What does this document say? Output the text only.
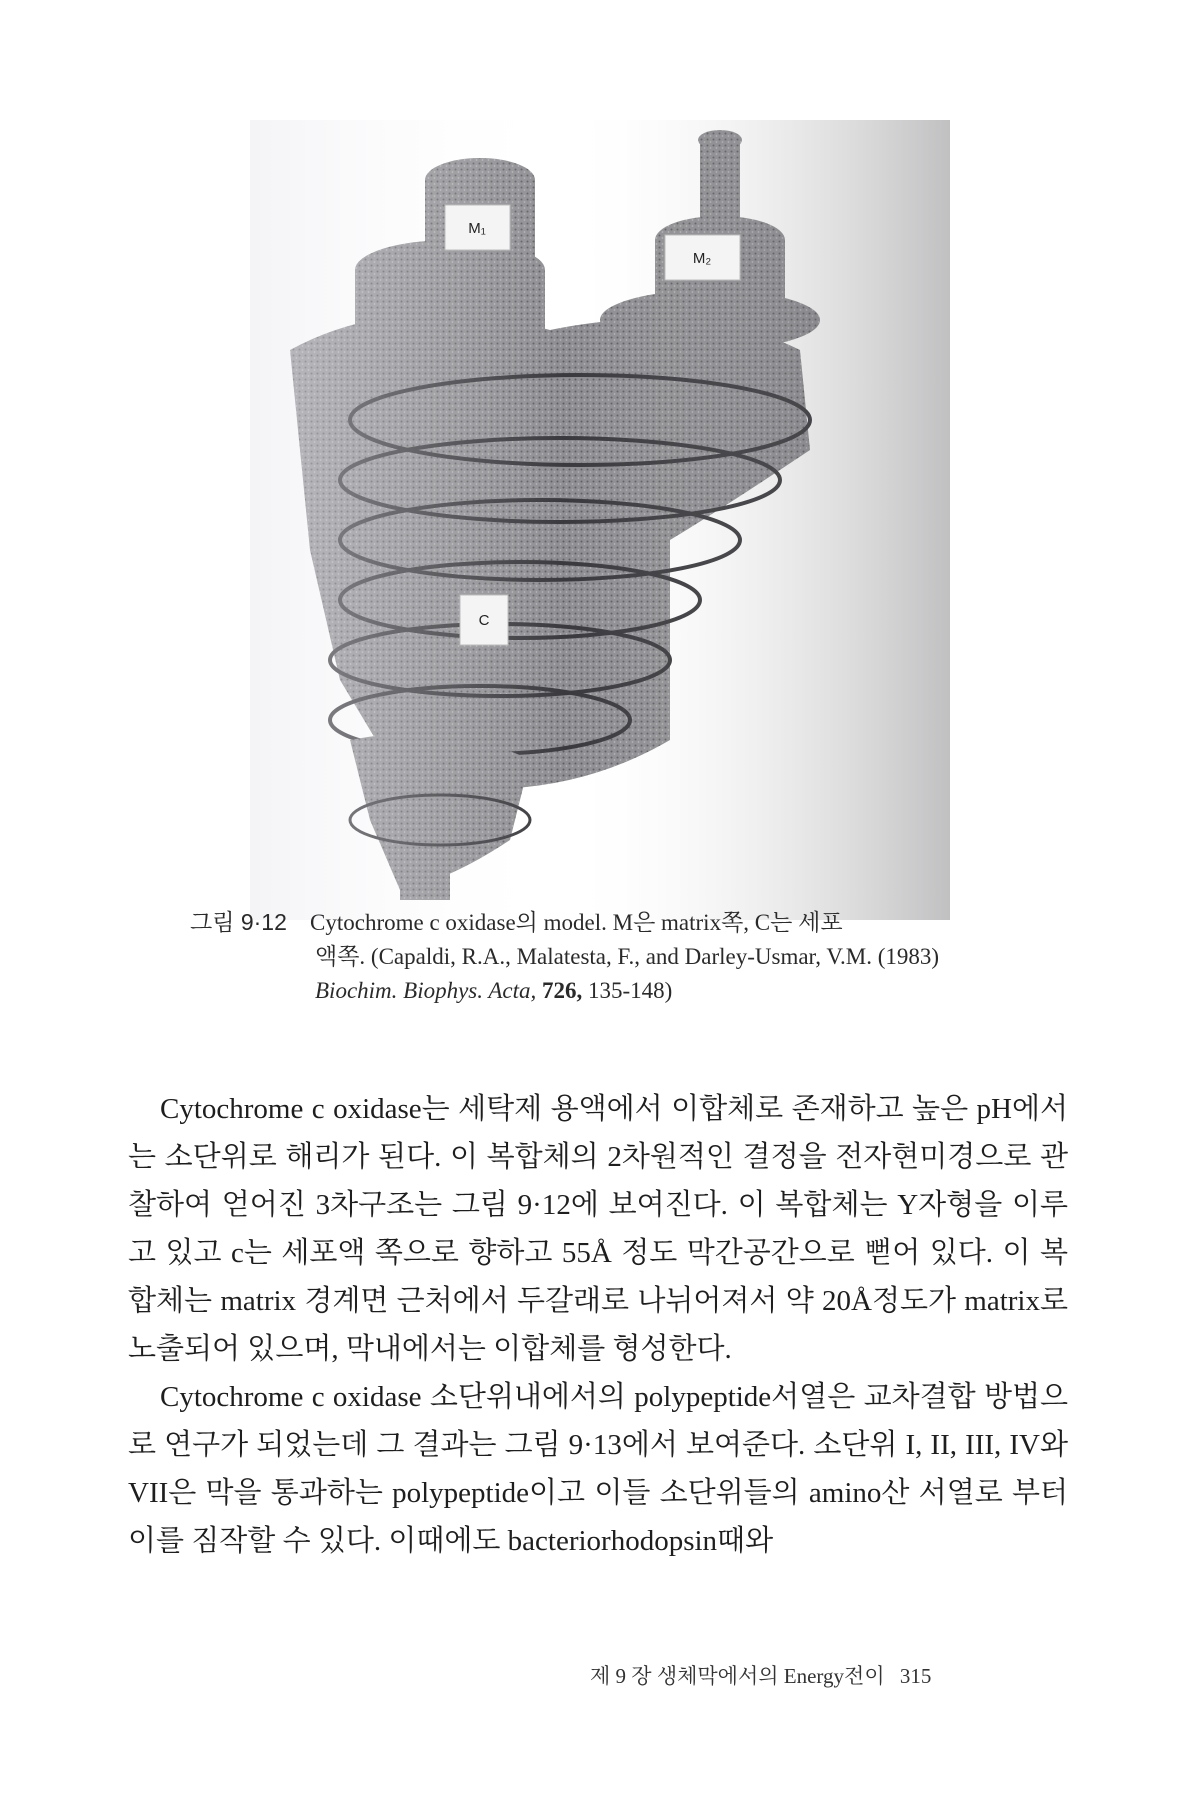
M₁
M₂
C
그림 9·12 Cytochrome c oxidase의 model. M은 matrix쪽, C는 세포
액쪽. (Capaldi, R.A., Malatesta, F., and Darley-Usmar, V.M. (1983)
Biochim. Biophys. Acta, 726, 135-148)

Cytochrome c oxidase는 세탁제 용액에서 이합체로 존재하고 높은 pH에서는 소단위로 해리가 된다. 이 복합체의 2차원적인 결정을 전자현미경으로 관찰하여 얻어진 3차구조는 그림 9·12에 보여진다. 이 복합체는 Y자형을 이루고 있고 c는 세포액 쪽으로 향하고 55Å 정도 막간공간으로 뻗어 있다. 이 복합체는 matrix 경계면 근처에서 두갈래로 나뉘어져서 약 20Å정도가 matrix로 노출되어 있으며, 막내에서는 이합체를 형성한다.

Cytochrome c oxidase 소단위내에서의 polypeptide서열은 교차결합 방법으로 연구가 되었는데 그 결과는 그림 9·13에서 보여준다. 소단위 I, II, III, IV와 VII은 막을 통과하는 polypeptide이고 이들 소단위들의 amino산 서열로 부터 이를 짐작할 수 있다. 이때에도 bacteriorhodopsin때와

제 9 장 생체막에서의 Energy전이 315
